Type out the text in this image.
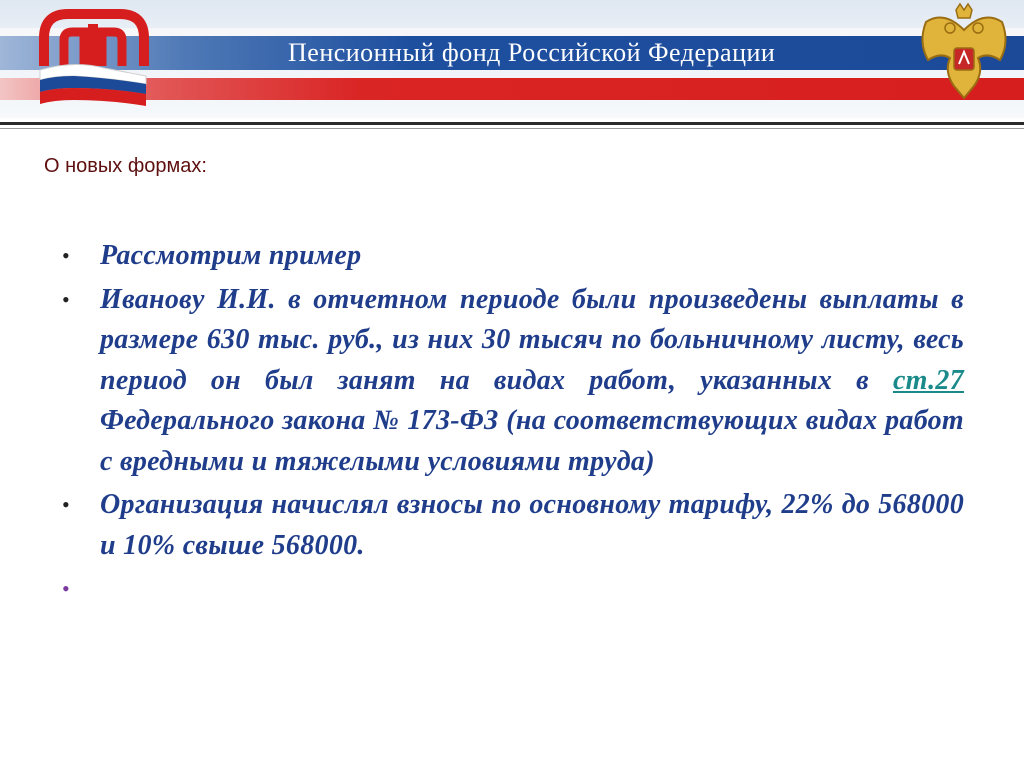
Пенсионный фонд Российской Федерации
О новых формах:
• Рассмотрим пример
• Иванову И.И. в отчетном периоде были произведены выплаты в размере 630 тыс. руб., из них 30 тысяч по больничному листу, весь период он был занят на видах работ, указанных в ст.27 Федерального закона № 173-ФЗ (на соответствующих видах работ с вредными и тяжелыми условиями труда)
• Организация начислял взносы по основному тарифу, 22% до 568000 и 10% свыше 568000.
•
